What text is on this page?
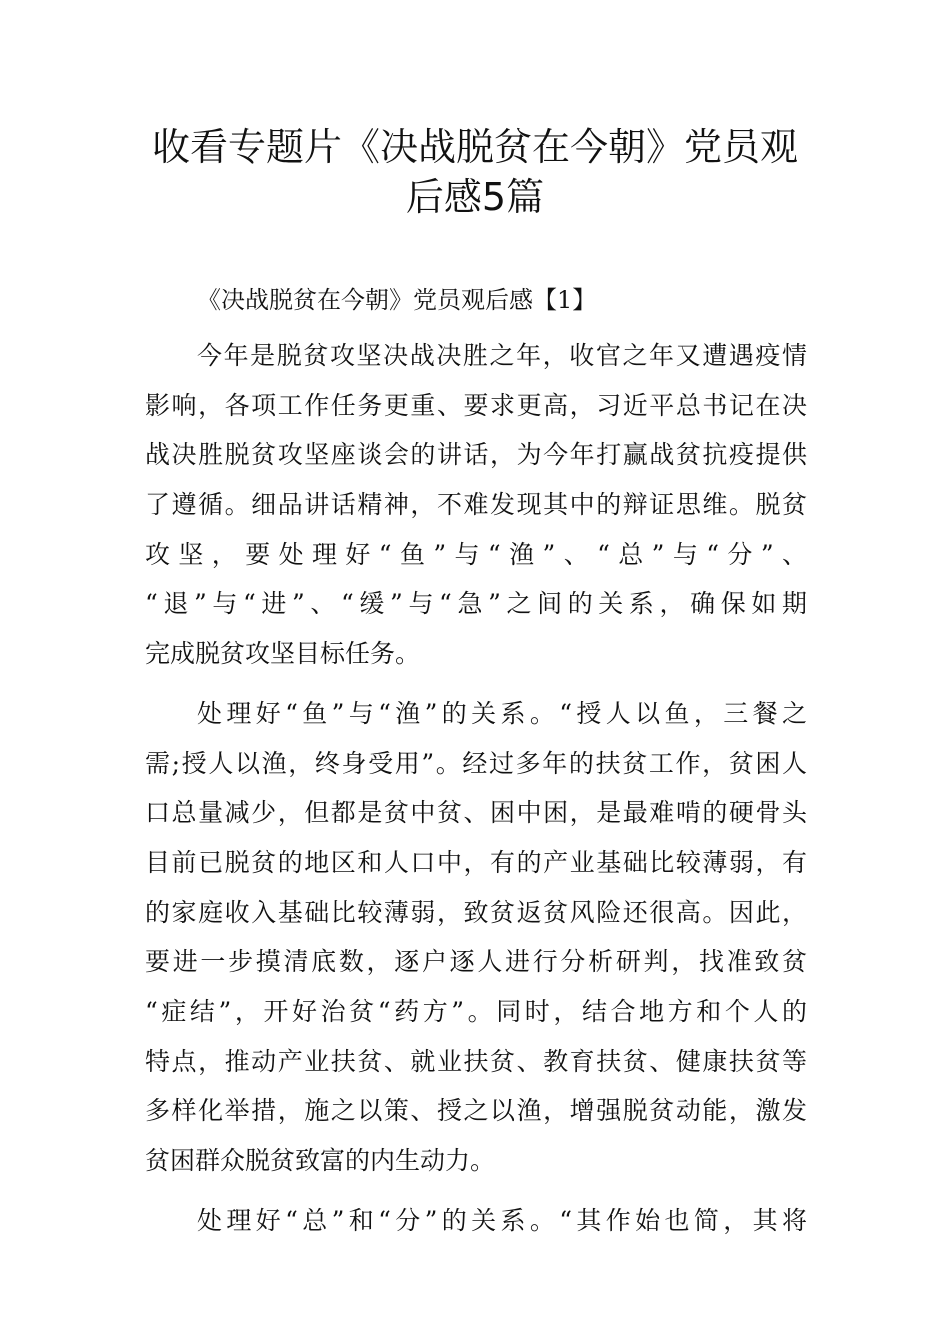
收看专题片《决战脱贫在今朝》党员观
后感5篇
《决战脱贫在今朝》党员观后感【1】
今年是脱贫攻坚决战决胜之年，收官之年又遭遇疫情
影响，各项工作任务更重、要求更高，习近平总书记在决
战决胜脱贫攻坚座谈会的讲话，为今年打赢战贫抗疫提供
了遵循。细品讲话精神，不难发现其中的辩证思维。脱贫
攻坚，要处理好“鱼”与“渔”、“总”与“分”、
“退”与“进”、“缓”与“急”之间的关系，确保如期
完成脱贫攻坚目标任务。
处理好“鱼”与“渔”的关系。“授人以鱼，三餐之
需;授人以渔，终身受用”。经过多年的扶贫工作，贫困人
口总量减少，但都是贫中贫、困中困，是最难啃的硬骨头
目前已脱贫的地区和人口中，有的产业基础比较薄弱，有
的家庭收入基础比较薄弱，致贫返贫风险还很高。因此，
要进一步摸清底数，逐户逐人进行分析研判，找准致贫
“症结”，开好治贫“药方”。同时，结合地方和个人的
特点，推动产业扶贫、就业扶贫、教育扶贫、健康扶贫等
多样化举措，施之以策、授之以渔，增强脱贫动能，激发
贫困群众脱贫致富的内生动力。
处理好“总”和“分”的关系。“其作始也简，其将
